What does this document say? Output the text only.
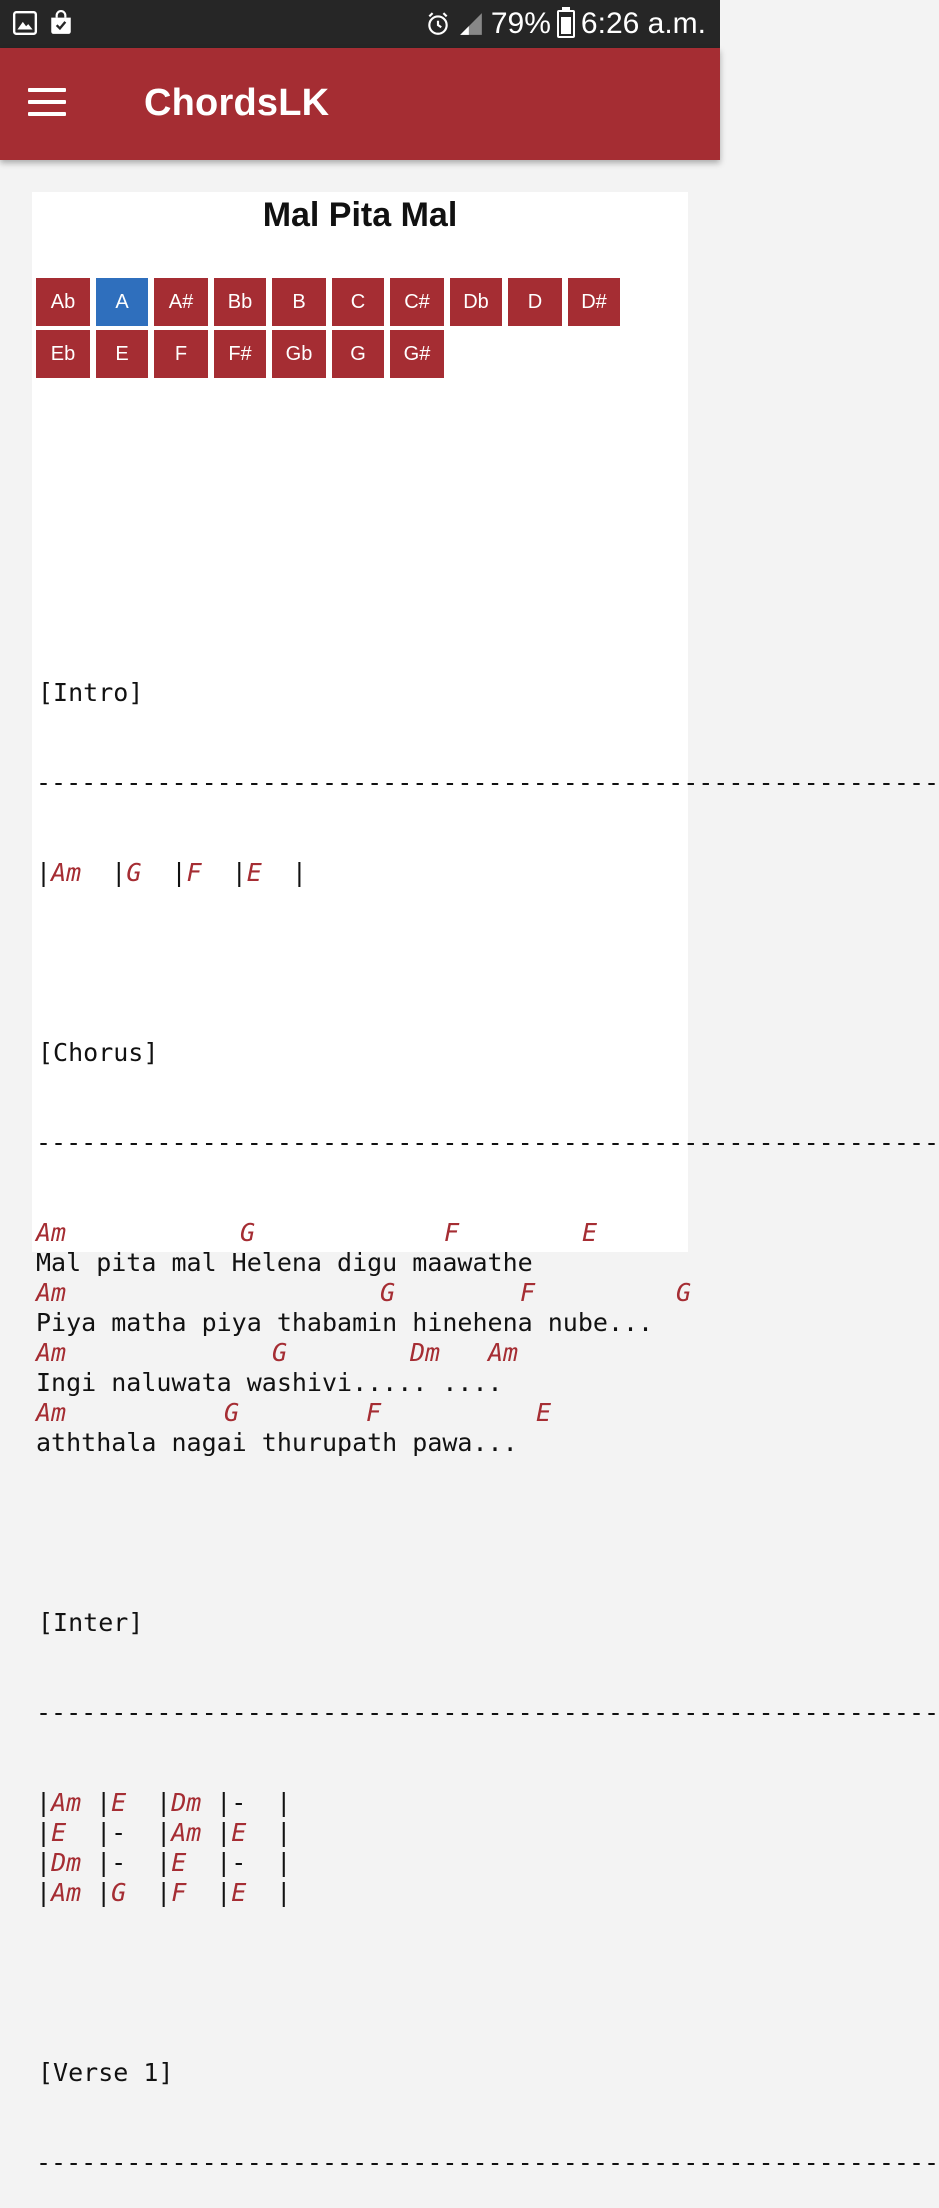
79% 6:26 a.m.
ChordsLK
Mal Pita Mal
Ab	A	A#	Bb	B	C	C#	Db	D	D#
Eb	E	F	F#	Gb	G	G#

[Intro]

------------------------------------------------------------

|Am  |G  |F  |E  |

[Chorus]

------------------------------------------------------------

Am	G	F	E
Mal pita mal Helena digu maawathe
Am	G	F	G
Piya matha piya thabamin hinehena nube...
Am	G	Dm Am
Ingi naluwata washivi..... ....
Am	G	F	E
aththala nagai thurupath pawa...

[Inter]

------------------------------------------------------------

|Am |E |Dm |- |
|E |- |Am |E |
|Dm |- |E |- |
|Am |G |F |E |

[Verse 1]

------------------------------------------------------------
